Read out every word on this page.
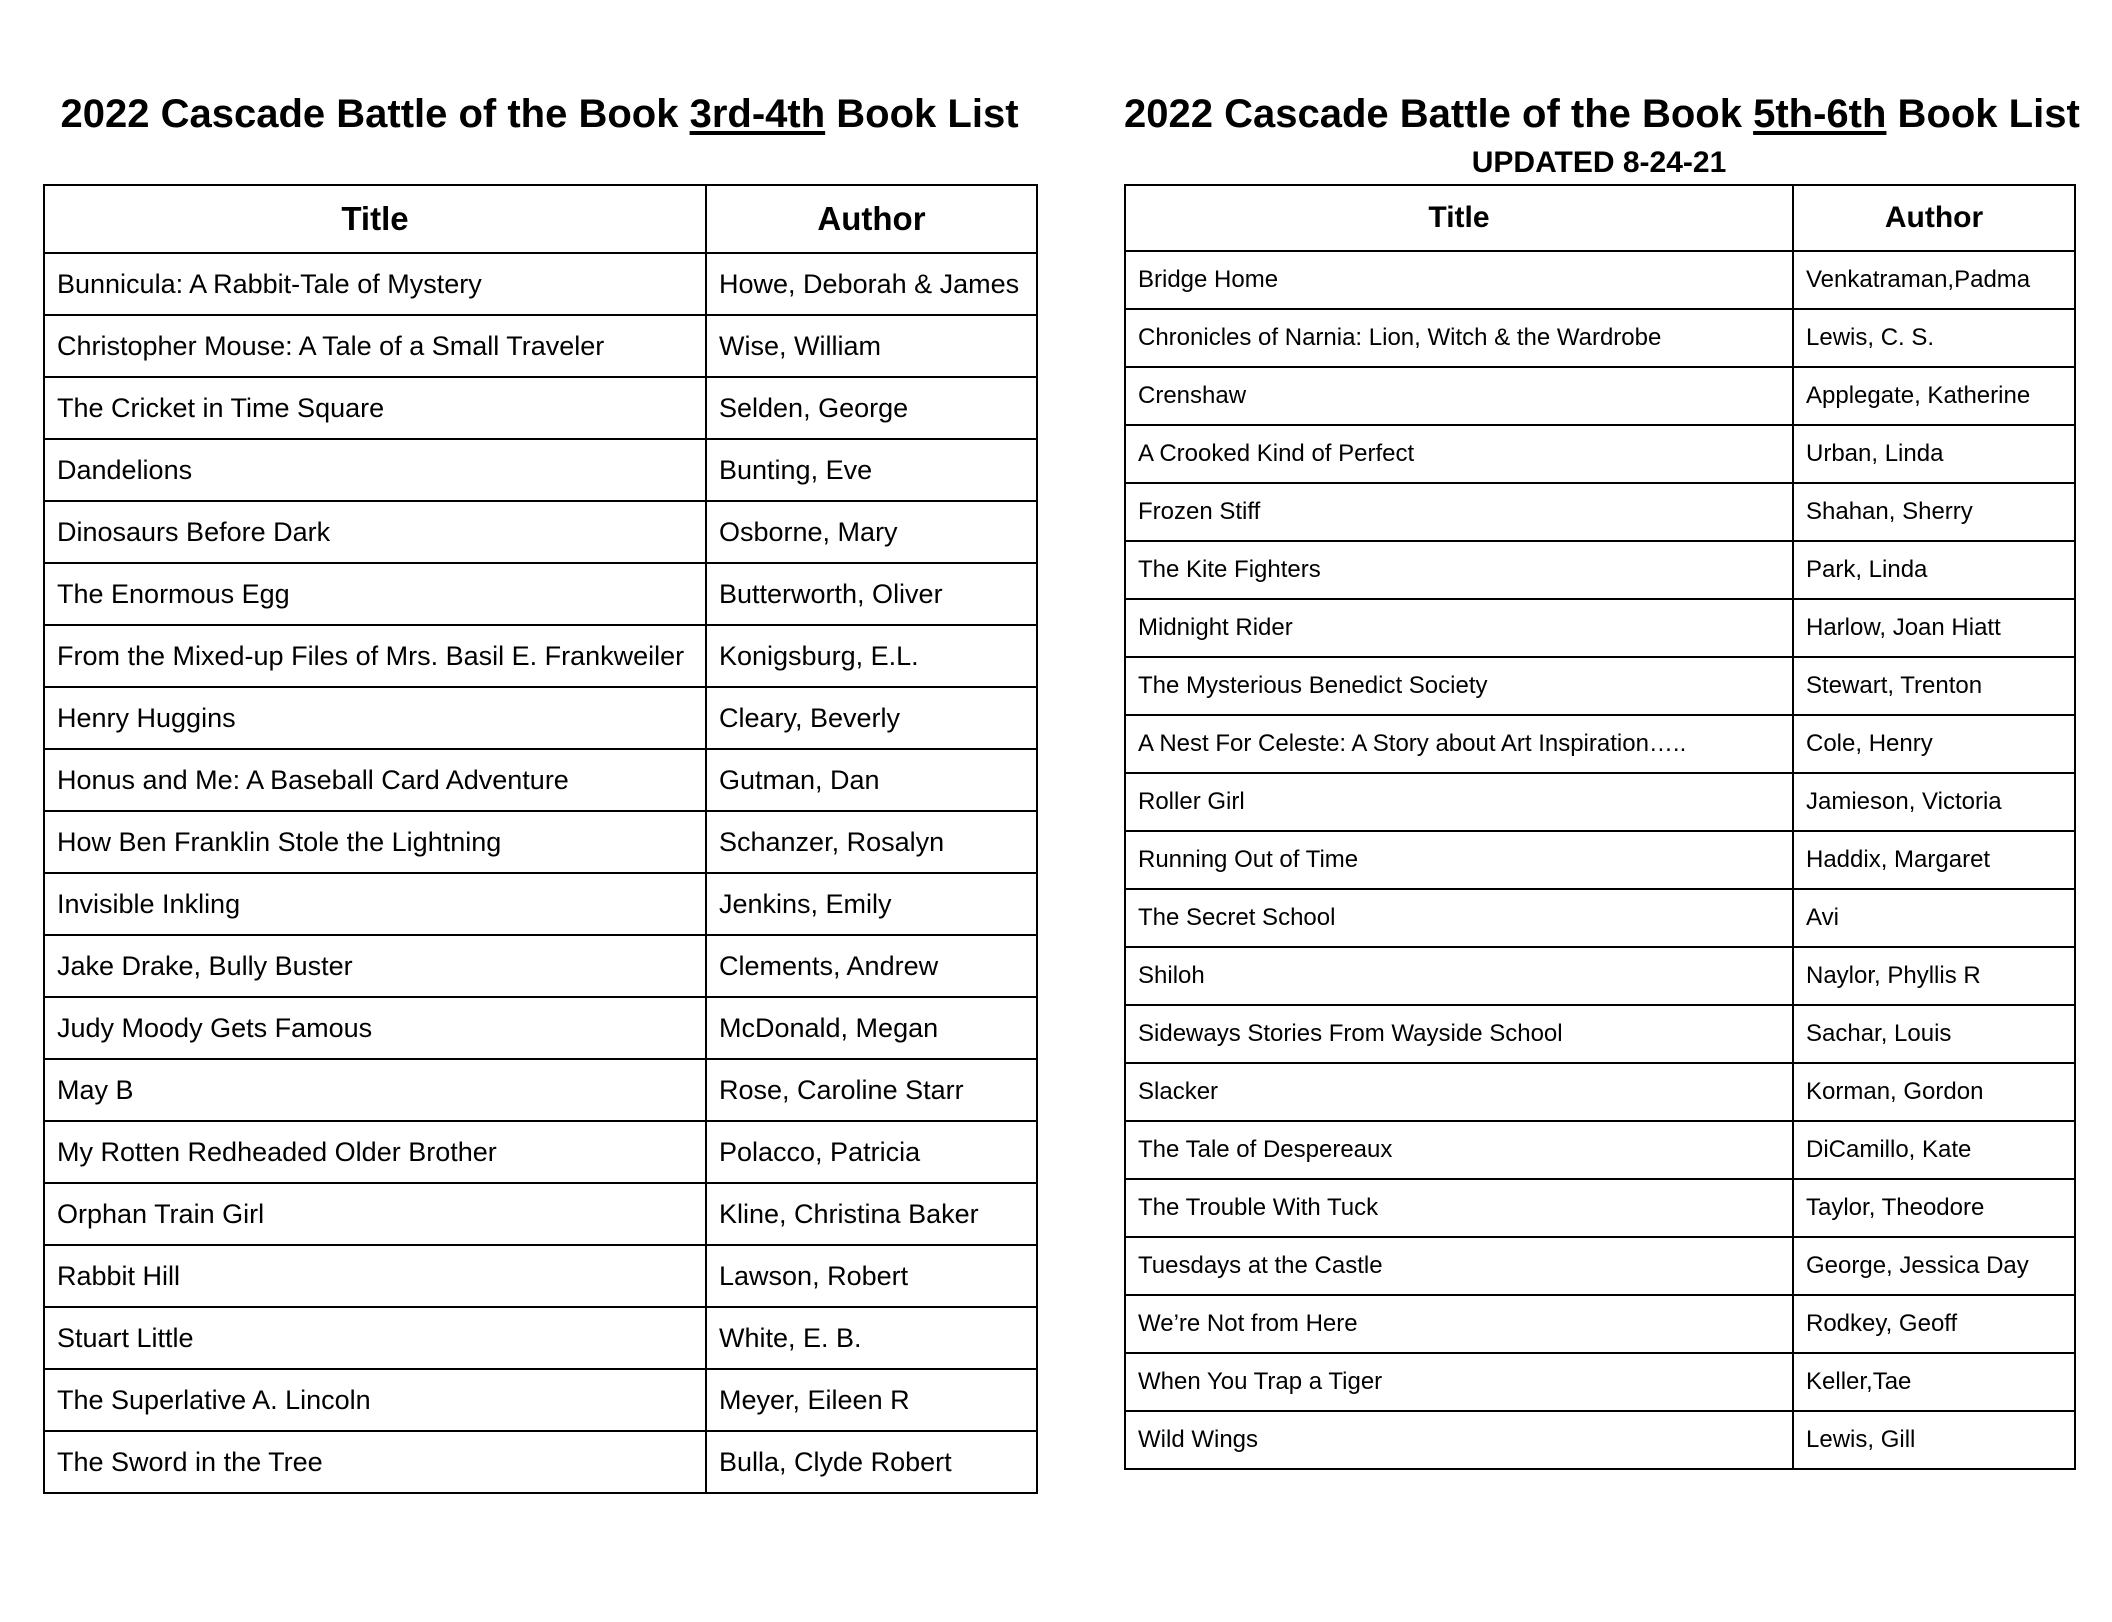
2022 Cascade Battle of the Book 3rd-4th Book List
Title	Author
Bunnicula: A Rabbit-Tale of Mystery	Howe, Deborah & James
Christopher Mouse: A Tale of a Small Traveler	Wise, William
The Cricket in Time Square	Selden, George
Dandelions	Bunting, Eve
Dinosaurs Before Dark	Osborne, Mary
The Enormous Egg	Butterworth, Oliver
From the Mixed-up Files of Mrs. Basil E. Frankweiler	Konigsburg, E.L.
Henry Huggins	Cleary, Beverly
Honus and Me: A Baseball Card Adventure	Gutman, Dan
How Ben Franklin Stole the Lightning	Schanzer, Rosalyn
Invisible Inkling	Jenkins, Emily
Jake Drake, Bully Buster	Clements, Andrew
Judy Moody Gets Famous	McDonald, Megan
May B	Rose, Caroline Starr
My Rotten Redheaded Older Brother	Polacco, Patricia
Orphan Train Girl	Kline, Christina Baker
Rabbit Hill	Lawson, Robert
Stuart Little	White, E. B.
The Superlative A. Lincoln	Meyer, Eileen R
The Sword in the Tree	Bulla, Clyde Robert
2022 Cascade Battle of the Book 5th-6th Book List
UPDATED 8-24-21
Title	Author
Bridge Home	Venkatraman,Padma
Chronicles of Narnia: Lion, Witch & the Wardrobe	Lewis, C. S.
Crenshaw	Applegate, Katherine
A Crooked Kind of Perfect	Urban, Linda
Frozen Stiff	Shahan, Sherry
The Kite Fighters	Park, Linda
Midnight Rider	Harlow, Joan Hiatt
The Mysterious Benedict Society	Stewart, Trenton
A Nest For Celeste: A Story about Art Inspiration…..	Cole, Henry
Roller Girl	Jamieson, Victoria
Running Out of Time	Haddix, Margaret
The Secret School	Avi
Shiloh	Naylor, Phyllis R
Sideways Stories From Wayside School	Sachar, Louis
Slacker	Korman, Gordon
The Tale of Despereaux	DiCamillo, Kate
The Trouble With Tuck	Taylor, Theodore
Tuesdays at the Castle	George, Jessica Day
We’re Not from Here	Rodkey, Geoff
When You Trap a Tiger	Keller,Tae
Wild Wings	Lewis, Gill
